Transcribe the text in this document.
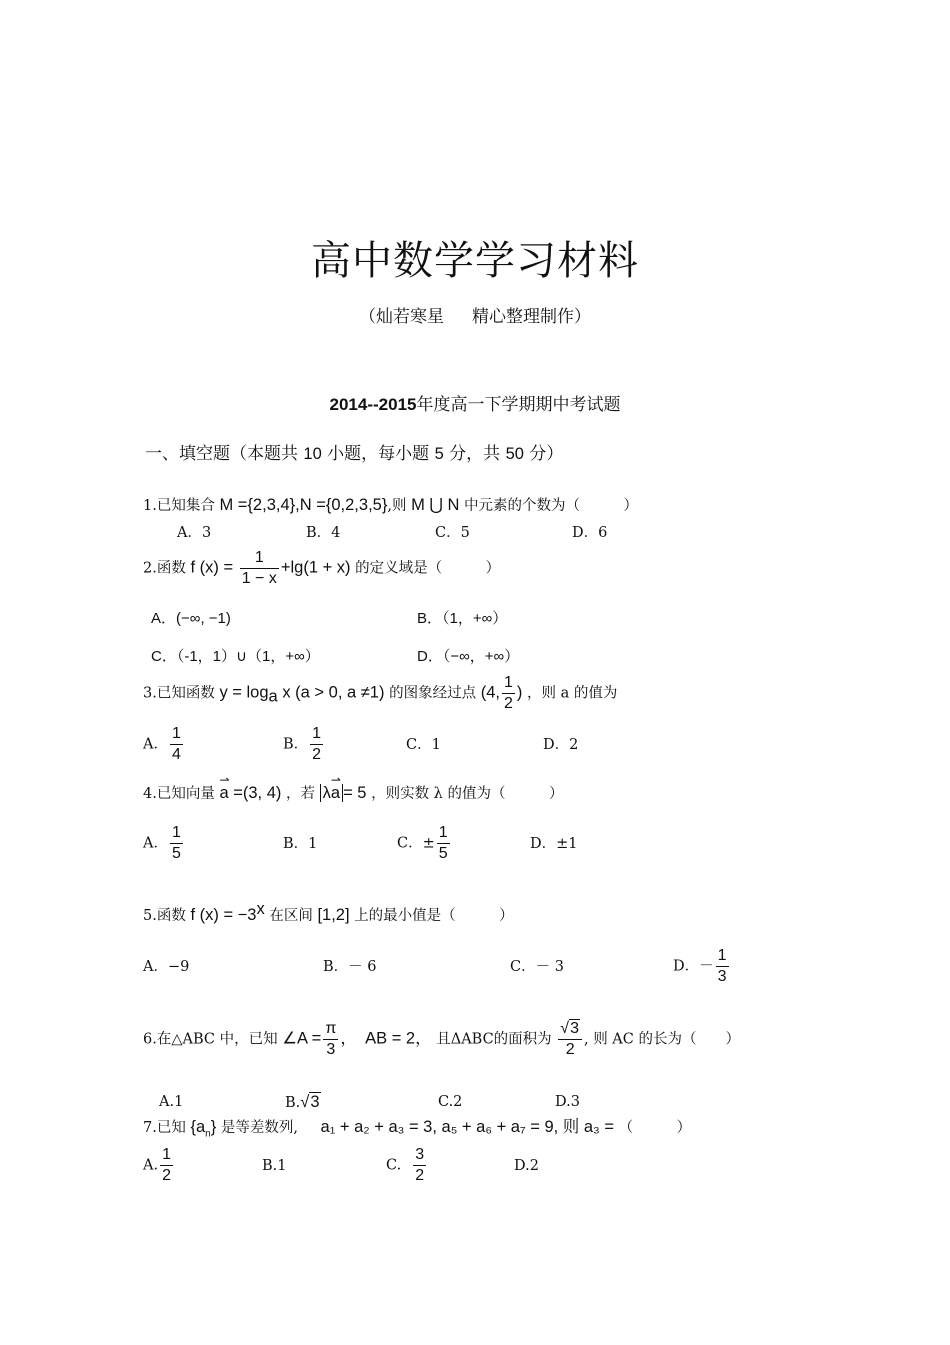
高中数学学习材料
（灿若寒星 精心整理制作）
2014--2015年度高一下学期期中考试题
一、填空题（本题共 10 小题，每小题 5 分，共 50 分）
1.已知集合 M ={2,3,4},N ={0,2,3,5},则 M ⋃ N 中元素的个数为（　　　）
A．3	B．4	C．5	D．6
2.函数 f $(x) = \frac{1}{1 - x} +\lg(1 + x)$ 的定义域是（　　　）
A．(−∞, −1)	B．（1，+∞）
C．（-1，1）∪（1，+∞）	D．（−∞，+∞）
3.已知函数 $y = \log_a x$ (a > 0, a ≠1) 的图象经过点 (4, $\frac{1}{2}$ ) ，则 a 的值为
A． $\frac{1}{4}$	B． $\frac{1}{2}$	C．1	D．2
4.已知向量 ⇀ a =(3, 4) ，若 λ⇀ a = 5 ，则实数 λ 的值为（　　　）
A． $\frac{1}{5}$	B．1	C．± $\frac{1}{5}$	D．±1
5.函数 f $(x) = -3^x$ 在区间 [1,2] 上的最小值是（　　　）
A．−9	B．－ 6	C．－ 3	D．－ $\frac{1}{3}$
6.在△ABC 中，已知 ∠A = $\frac{\pi}{3}$ ，　AB = 2， 且ΔABC的面积为 $\frac{√3}{2}$ , 则 AC 的长为（　　）
A.1	B.√3	C.2	D.3
7.已知 $\{a_n\}$ 是等差数列, a₁ + a₂ + a₃ = 3, a₅ + a₆ + a₇ = 9, 则 a₃ = （　　　）
A. $\frac{1}{2}$	B.1	C. $\frac{3}{2}$	D.2
